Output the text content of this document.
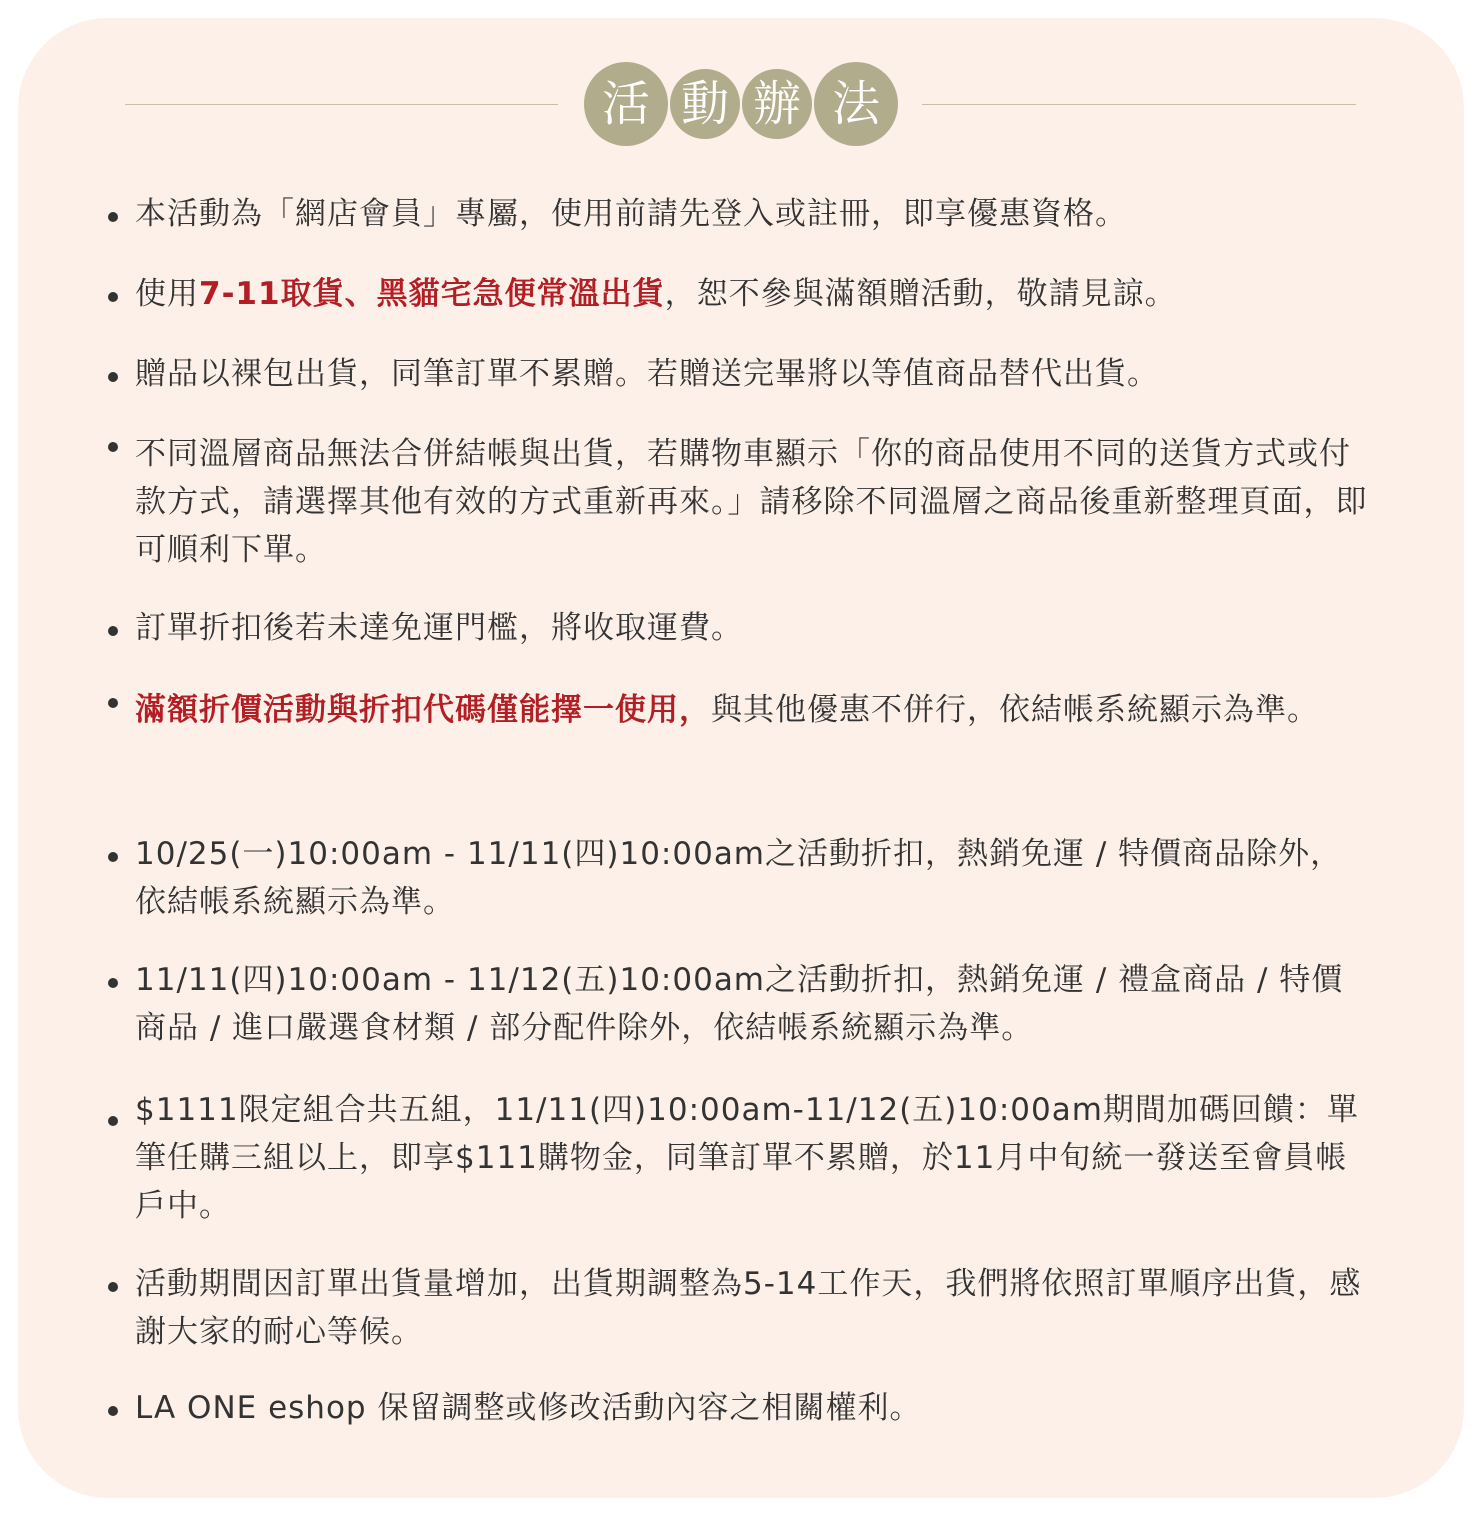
活 動 辦 法
本活動為「網店會員」專屬，使用前請先登入或註冊，即享優惠資格。
使用7-11取貨、黑貓宅急便常溫出貨，恕不參與滿額贈活動，敬請見諒。
贈品以裸包出貨，同筆訂單不累贈。若贈送完畢將以等值商品替代出貨。
不同溫層商品無法合併結帳與出貨，若購物車顯示「你的商品使用不同的送貨方式或付款方式，請選擇其他有效的方式重新再來。」請移除不同溫層之商品後重新整理頁面，即可順利下單。
訂單折扣後若未達免運門檻，將收取運費。
滿額折價活動與折扣代碼僅能擇一使用，與其他優惠不併行，依結帳系統顯示為準。
10/25(一)10:00am - 11/11(四)10:00am之活動折扣，熱銷免運 / 特價商品除外，依結帳系統顯示為準。
11/11(四)10:00am - 11/12(五)10:00am之活動折扣，熱銷免運 / 禮盒商品 / 特價商品 / 進口嚴選食材類 / 部分配件除外，依結帳系統顯示為準。
$1111限定組合共五組，11/11(四)10:00am-11/12(五)10:00am期間加碼回饋：單筆任購三組以上，即享$111購物金，同筆訂單不累贈，於11月中旬統一發送至會員帳戶中。
活動期間因訂單出貨量增加，出貨期調整為5-14工作天，我們將依照訂單順序出貨，感謝大家的耐心等候。
LA ONE eshop 保留調整或修改活動內容之相關權利。
